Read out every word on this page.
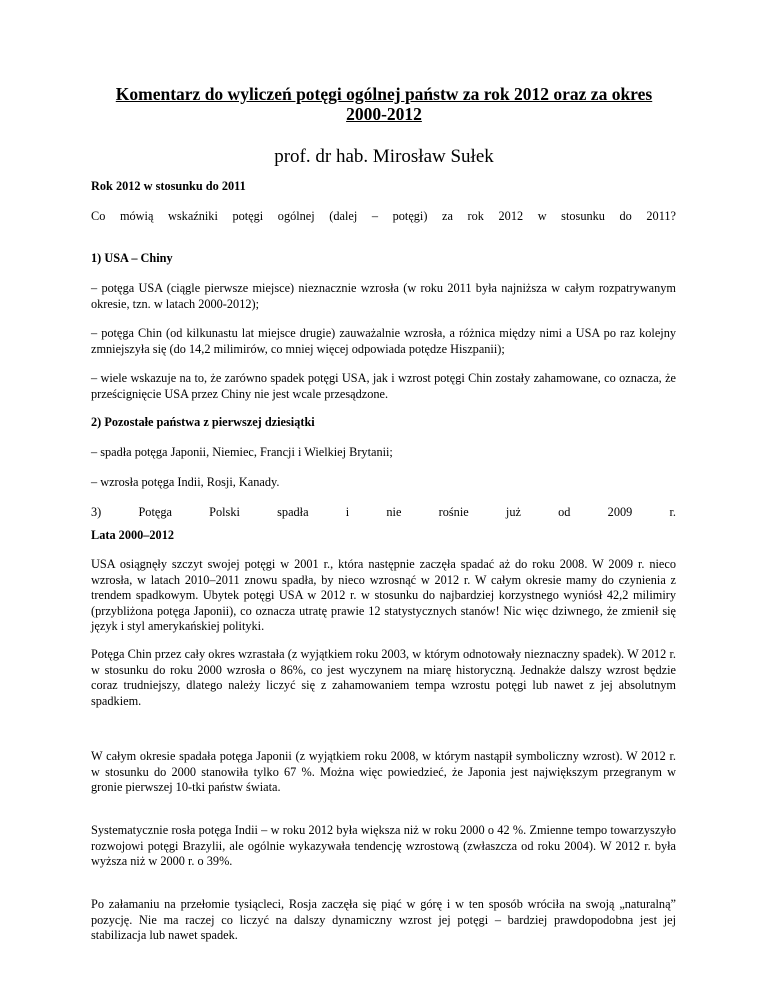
Komentarz do wyliczeń potęgi ogólnej państw za rok 2012 oraz za okres 2000-2012
prof. dr hab. Mirosław Sułek
Rok 2012 w stosunku do 2011
Co mówią wskaźniki potęgi ogólnej (dalej – potęgi) za rok 2012 w stosunku do 2011?
1) USA – Chiny
– potęga USA (ciągle pierwsze miejsce) nieznacznie wzrosła (w roku 2011 była najniższa w całym rozpatrywanym okresie, tzn. w latach 2000-2012);
– potęga Chin (od kilkunastu lat miejsce drugie) zauważalnie wzrosła, a różnica między nimi a USA po raz kolejny zmniejszyła się (do 14,2 milimirów, co mniej więcej odpowiada potędze Hiszpanii);
– wiele wskazuje na to, że zarówno spadek potęgi USA, jak i wzrost potęgi Chin zostały zahamowane, co oznacza, że prześcignięcie USA przez Chiny nie jest wcale przesądzone.
2) Pozostałe państwa z pierwszej dziesiątki
– spadła potęga Japonii, Niemiec, Francji i Wielkiej Brytanii;
– wzrosła potęga Indii, Rosji, Kanady.
3) Potęga Polski spadła i nie rośnie już od 2009 r.
Lata 2000–2012
USA osiągnęły szczyt swojej potęgi w 2001 r., która następnie zaczęła spadać aż do roku 2008. W 2009 r. nieco wzrosła, w latach 2010–2011 znowu spadła, by nieco wzrosnąć w 2012 r. W całym okresie mamy do czynienia z trendem spadkowym. Ubytek potęgi USA w 2012 r. w stosunku do najbardziej korzystnego wyniósł 42,2 milimiry (przybliżona potęga Japonii), co oznacza utratę prawie 12 statystycznych stanów! Nic więc dziwnego, że zmienił się język i styl amerykańskiej polityki.
Potęga Chin przez cały okres wzrastała (z wyjątkiem roku 2003, w którym odnotowały nieznaczny spadek). W 2012 r. w stosunku do roku 2000 wzrosła o 86%, co jest wyczynem na miarę historyczną. Jednakże dalszy wzrost będzie coraz trudniejszy, dlatego należy liczyć się z zahamowaniem tempa wzrostu potęgi lub nawet z jej absolutnym spadkiem.
W całym okresie spadała potęga Japonii (z wyjątkiem roku 2008, w którym nastąpił symboliczny wzrost). W 2012 r. w stosunku do 2000 stanowiła tylko 67 %. Można więc powiedzieć, że Japonia jest największym przegranym w gronie pierwszej 10-tki państw świata.
Systematycznie rosła potęga Indii – w roku 2012 była większa niż w roku 2000 o 42 %. Zmienne tempo towarzyszyło rozwojowi potęgi Brazylii, ale ogólnie wykazywała tendencję wzrostową (zwłaszcza od roku 2004). W 2012 r. była wyższa niż w 2000 r. o 39%.
Po załamaniu na przełomie tysiącleci, Rosja zaczęła się piąć w górę i w ten sposób wróciła na swoją „naturalną” pozycję. Nie ma raczej co liczyć na dalszy dynamiczny wzrost jej potęgi – bardziej prawdopodobna jest jej stabilizacja lub nawet spadek.
